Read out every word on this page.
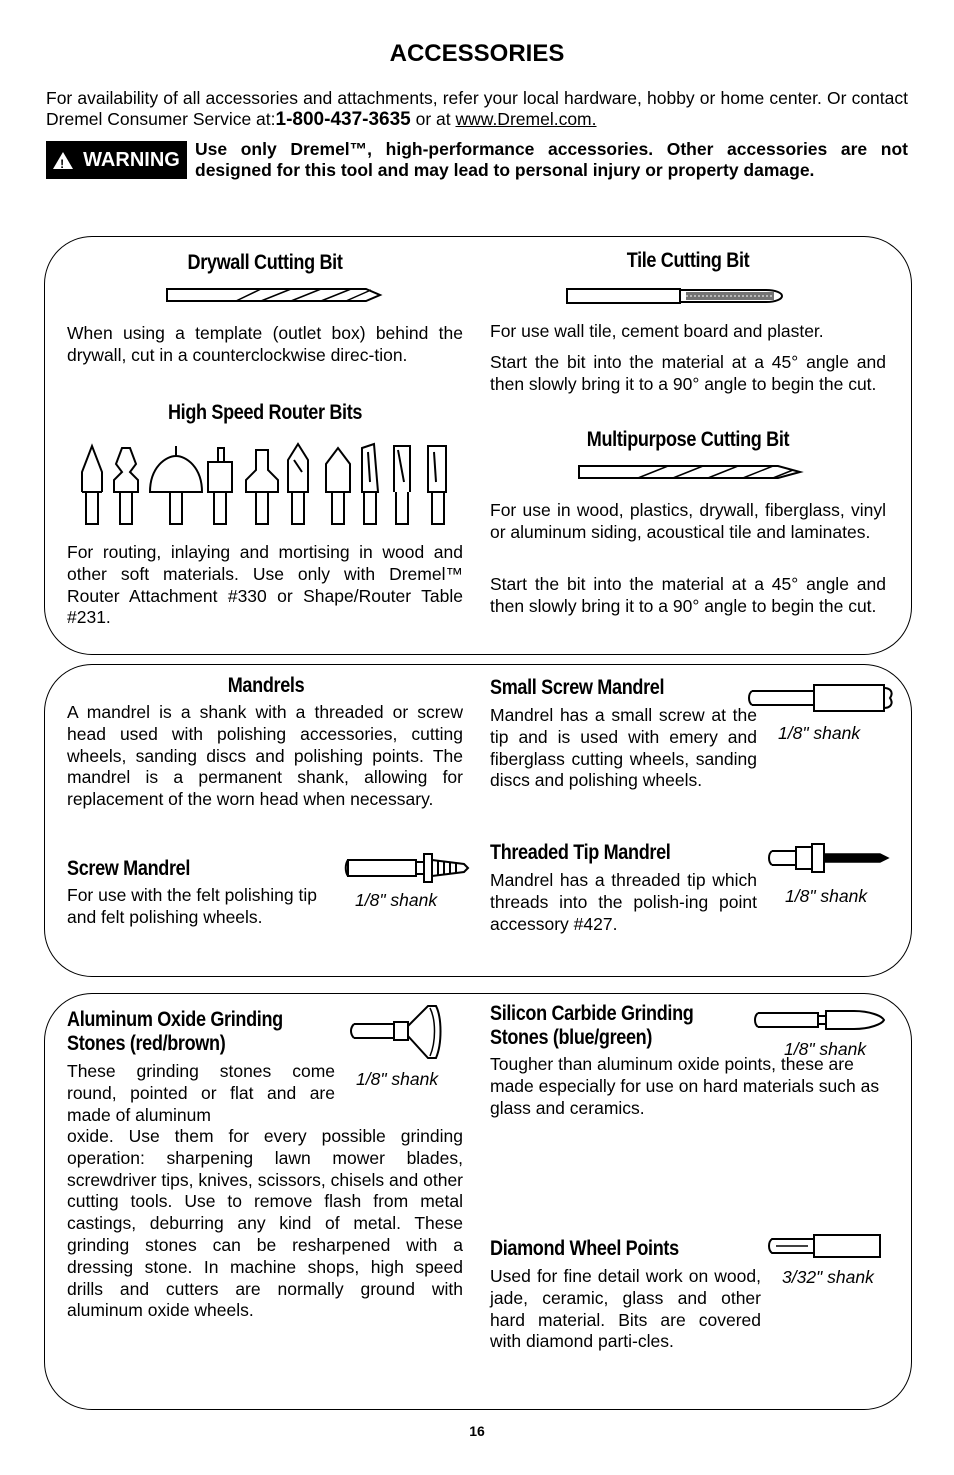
ACCESSORIES
For availability of all accessories and attachments, refer your local hardware, hobby or home center. Or contact Dremel Consumer Service at:1-800-437-3635 or at www.Dremel.com.
!
WARNING Use only Dremel™, high-performance accessories. Other accessories are not designed for this tool and may lead to personal injury or property damage.
Drywall Cutting Bit
When using a template (outlet box) behind the drywall, cut in a counterclockwise direc-tion.
High Speed Router Bits
For routing, inlaying and mortising in wood and other soft materials. Use only with Dremel™ Router Attachment #330 or Shape/Router Table #231.
Tile Cutting Bit
For use wall tile, cement board and plaster.
Start the bit into the material at a 45° angle and then slowly bring it to a 90° angle to begin the cut.
Multipurpose Cutting Bit
For use in wood, plastics, drywall, fiberglass, vinyl or aluminum siding, acoustical tile and laminates.
Start the bit into the material at a 45° angle and then slowly bring it to a 90° angle to begin the cut.
Mandrels
A mandrel is a shank with a threaded or screw head used with polishing accessories, cutting wheels, sanding discs and polishing points. The mandrel is a permanent shank, allowing for replacement of the worn head when necessary.
Screw Mandrel
1/8" shank
For use with the felt polishing tip and felt polishing wheels.
Small Screw Mandrel
1/8" shank
Mandrel has a small screw at the tip and is used with emery and fiberglass cutting wheels, sanding discs and polishing wheels.
Threaded Tip Mandrel
1/8" shank
Mandrel has a threaded tip which threads into the polish-ing point accessory #427.
Aluminum Oxide Grinding
Stones (red/brown)
1/8" shank
These grinding stones come round, pointed or flat and are made of aluminum
oxide. Use them for every possible grinding operation: sharpening lawn mower blades, screwdriver tips, knives, scissors, chisels and other cutting tools. Use to remove flash from metal castings, deburring any kind of metal. These grinding stones can be resharpened with a dressing stone. In machine shops, high speed drills and cutters are normally ground with aluminum oxide wheels.
Silicon Carbide Grinding
Stones (blue/green)	1/8" shank
Tougher than aluminum oxide points, these are made especially for use on hard materials such as glass and ceramics.
Diamond Wheel Points
3/32" shank
Used for fine detail work on wood, jade, ceramic, glass and other hard material. Bits are covered with diamond parti-cles.
16
